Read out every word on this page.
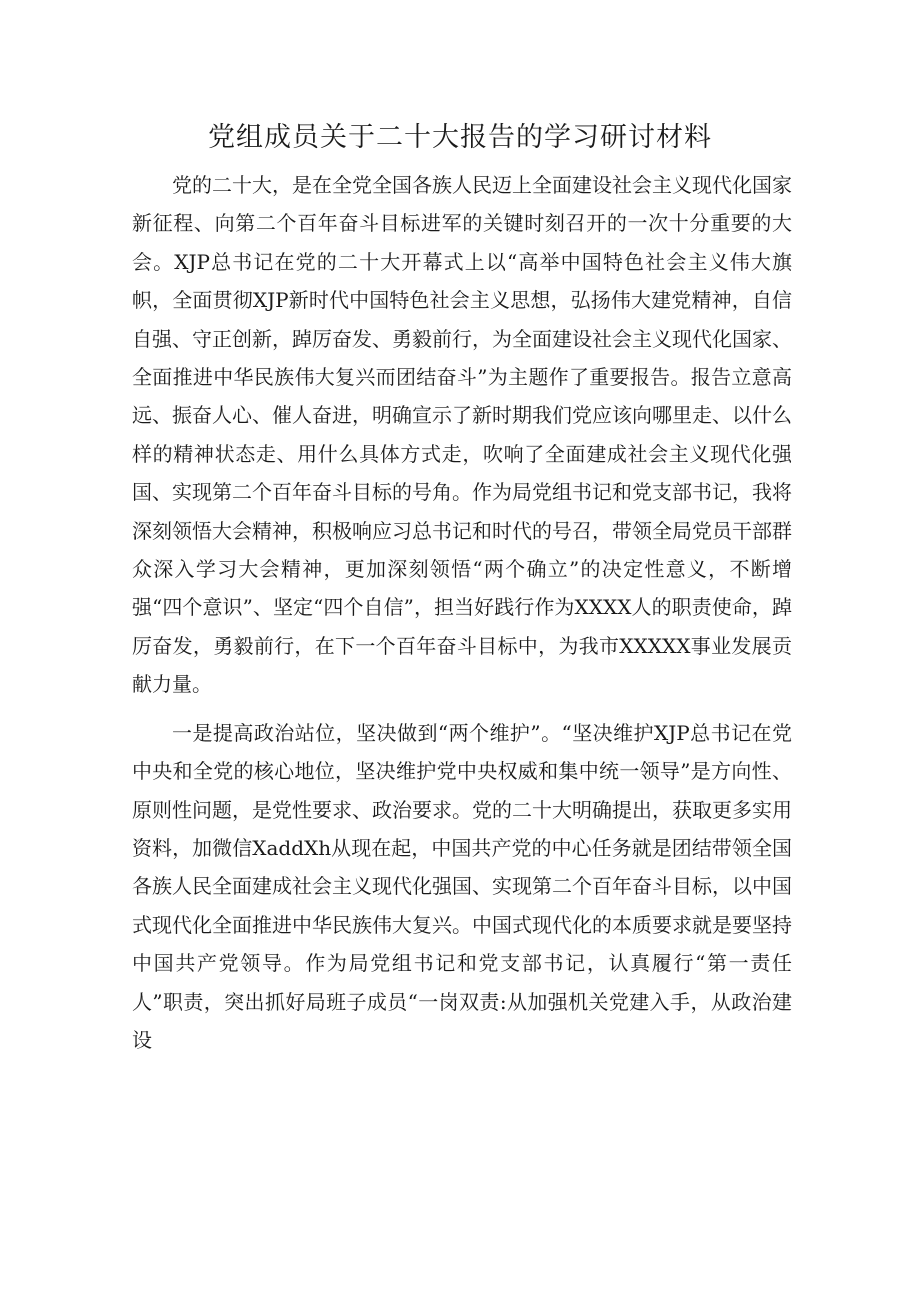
党组成员关于二十大报告的学习研讨材料

党的二十大，是在全党全国各族人民迈上全面建设社会主义现代化国家新征程、向第二个百年奋斗目标进军的关键时刻召开的一次十分重要的大会。XJP总书记在党的二十大开幕式上以“高举中国特色社会主义伟大旗帜，全面贯彻XJP新时代中国特色社会主义思想，弘扬伟大建党精神，自信自强、守正创新，踔厉奋发、勇毅前行，为全面建设社会主义现代化国家、全面推进中华民族伟大复兴而团结奋斗”为主题作了重要报告。报告立意高远、振奋人心、催人奋进，明确宣示了新时期我们党应该向哪里走、以什么样的精神状态走、用什么具体方式走，吹响了全面建成社会主义现代化强国、实现第二个百年奋斗目标的号角。作为局党组书记和党支部书记，我将深刻领悟大会精神，积极响应习总书记和时代的号召，带领全局党员干部群众深入学习大会精神，更加深刻领悟“两个确立”的决定性意义，不断增强“四个意识”、坚定“四个自信”，担当好践行作为XXXX人的职责使命，踔厉奋发，勇毅前行，在下一个百年奋斗目标中，为我市XXXXX事业发展贡献力量。

一是提高政治站位，坚决做到“两个维护”。“坚决维护XJP总书记在党中央和全党的核心地位，坚决维护党中央权威和集中统一领导”是方向性、原则性问题，是党性要求、政治要求。党的二十大明确提出，获取更多实用资料，加微信XaddXh从现在起，中国共产党的中心任务就是团结带领全国各族人民全面建成社会主义现代化强国、实现第二个百年奋斗目标，以中国式现代化全面推进中华民族伟大复兴。中国式现代化的本质要求就是要坚持中国共产党领导。作为局党组书记和党支部书记，认真履行“第一责任人”职责，突出抓好局班子成员“一岗双责:从加强机关党建入手，从政治建设
